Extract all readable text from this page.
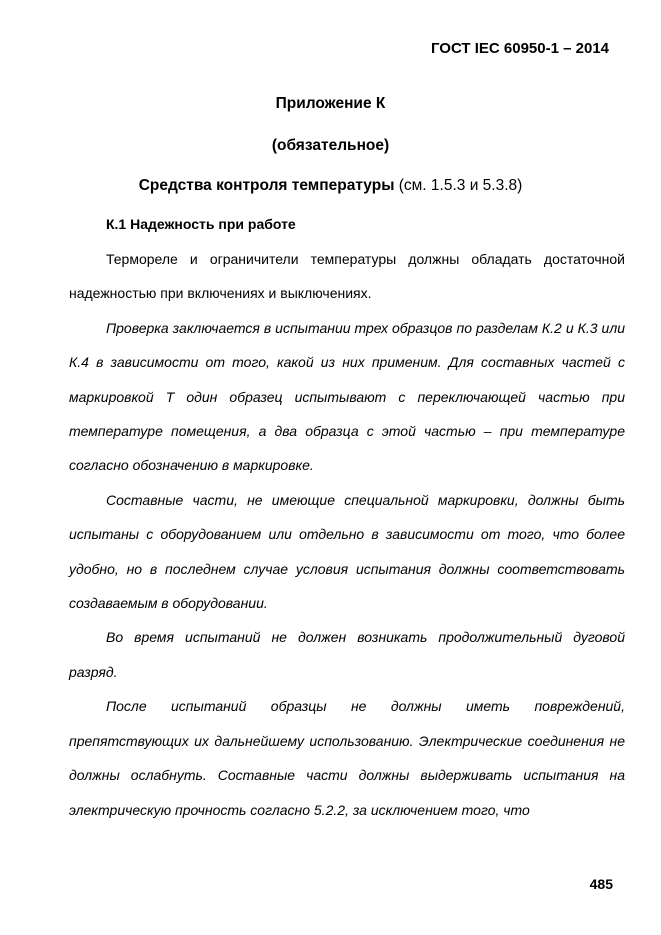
ГОСТ IEC 60950-1 – 2014
Приложение К
(обязательное)
Средства контроля температуры (см. 1.5.3 и 5.3.8)
К.1 Надежность при работе

Термореле и ограничители температуры должны обладать достаточной надежностью при включениях и выключениях.

Проверка заключается в испытании трех образцов по разделам К.2 и К.3 или К.4 в зависимости от того, какой из них применим. Для составных частей с маркировкой Т один образец испытывают с переключающей частью при температуре помещения, а два образца с этой частью – при температуре согласно обозначению в маркировке.

Составные части, не имеющие специальной маркировки, должны быть испытаны с оборудованием или отдельно в зависимости от того, что более удобно, но в последнем случае условия испытания должны соответствовать создаваемым в оборудовании.

Во время испытаний не должен возникать продолжительный дуговой разряд.

После испытаний образцы не должны иметь повреждений, препятствующих их дальнейшему использованию. Электрические соединения не должны ослабнуть. Составные части должны выдерживать испытания на электрическую прочность согласно 5.2.2, за исключением того, что

485
